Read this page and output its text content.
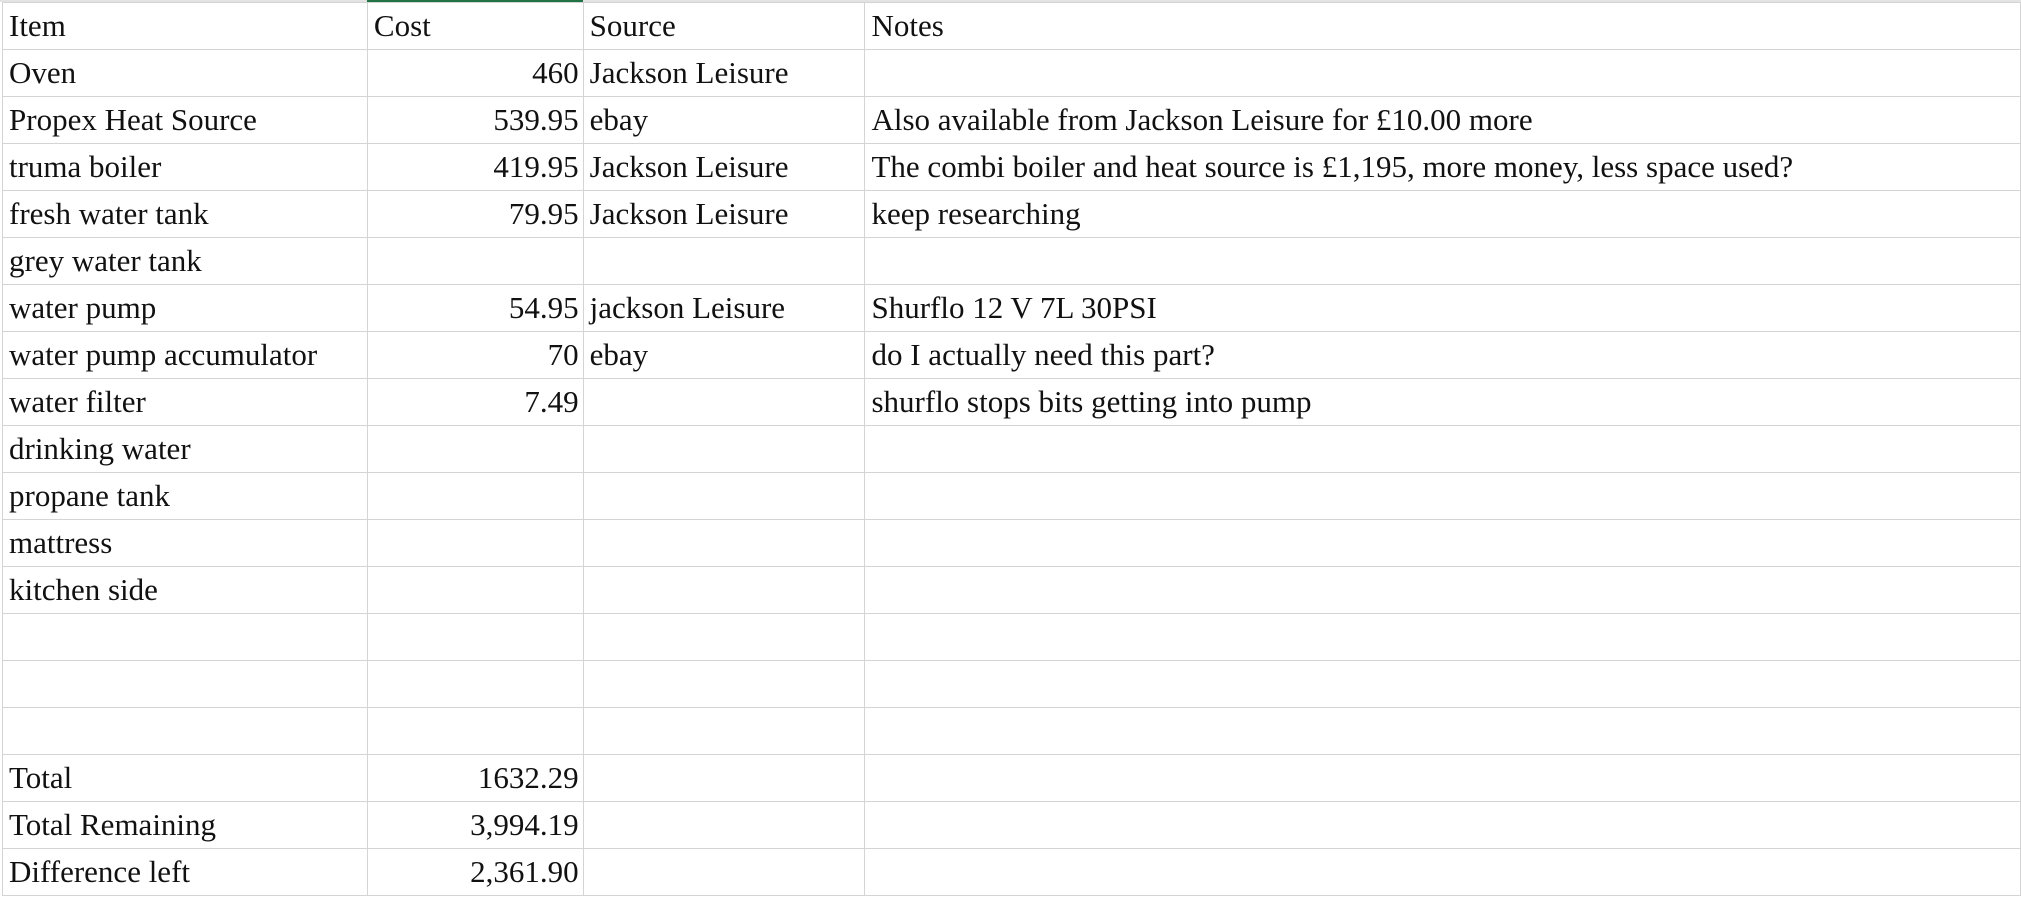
Item	Cost	Source	Notes
Oven	460	Jackson Leisure	
Propex Heat Source	539.95	ebay	Also available from Jackson Leisure for £10.00 more
truma boiler	419.95	Jackson Leisure	The combi boiler and heat source is £1,195, more money, less space used?
fresh water tank	79.95	Jackson Leisure	keep researching
grey water tank			
water pump	54.95	jackson Leisure	Shurflo 12 V 7L 30PSI
water pump accumulator	70	ebay	do I actually need this part?
water filter	7.49		shurflo stops bits getting into pump
drinking water			
propane tank			
mattress			
kitchen side			

Total	1632.29		
Total Remaining	3,994.19		
Difference left	2,361.90		
